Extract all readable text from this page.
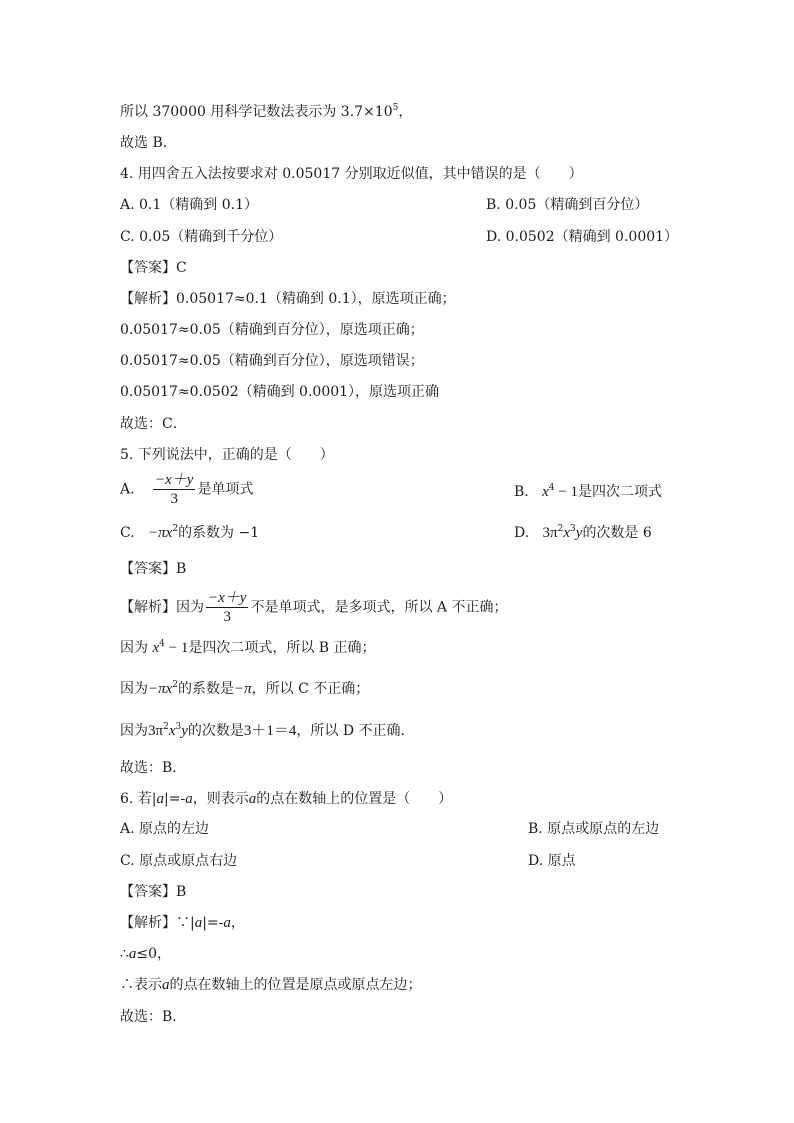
所以 370000 用科学记数法表示为 $3.7\times 10^5$，
故选 B．
4. 用四舍五入法按要求对 0.05017 分别取近似值，其中错误的是（　　）
A. 0.1（精确到 0.1）	B. 0.05（精确到百分位）
C. 0.05（精确到千分位）	D. 0.0502（精确到 0.0001）
【答案】C
【解析】0.05017≈0.1（精确到 0.1），原选项正确；
0.05017≈0.05（精确到百分位），原选项正确；
0.05017≈0.05（精确到百分位），原选项错误；
0.05017≈0.0502（精确到 0.0001），原选项正确
故选：C．
5. 下列说法中，正确的是（　　）
A. $\frac{-x+y}{3}$ 是单项式	B. $x^4 - 1$是四次二项式
C. $-\pi x^2$的系数为 −1	D. $3\pi^2x^3y$的次数是 6
【答案】B
【解析】因为 $\frac{-x+y}{3}$ 不是单项式，是多项式，所以 A 不正确；
因为 $x^4 - 1$是四次二项式，所以 B 正确；
因为$-\pi x^2$的系数是−π，所以 C 不正确；
因为$3\pi^2x^3y$的次数是3＋1＝4，所以 D 不正确．
故选：B．
6. 若|a|=-a，则表示a的点在数轴上的位置是（　　）
A. 原点的左边	B. 原点或原点的左边
C. 原点或原点右边	D. 原点
【答案】B
【解析】∵|a|=-a，
∴a≤0，
∴表示a的点在数轴上的位置是原点或原点左边；
故选：B．
